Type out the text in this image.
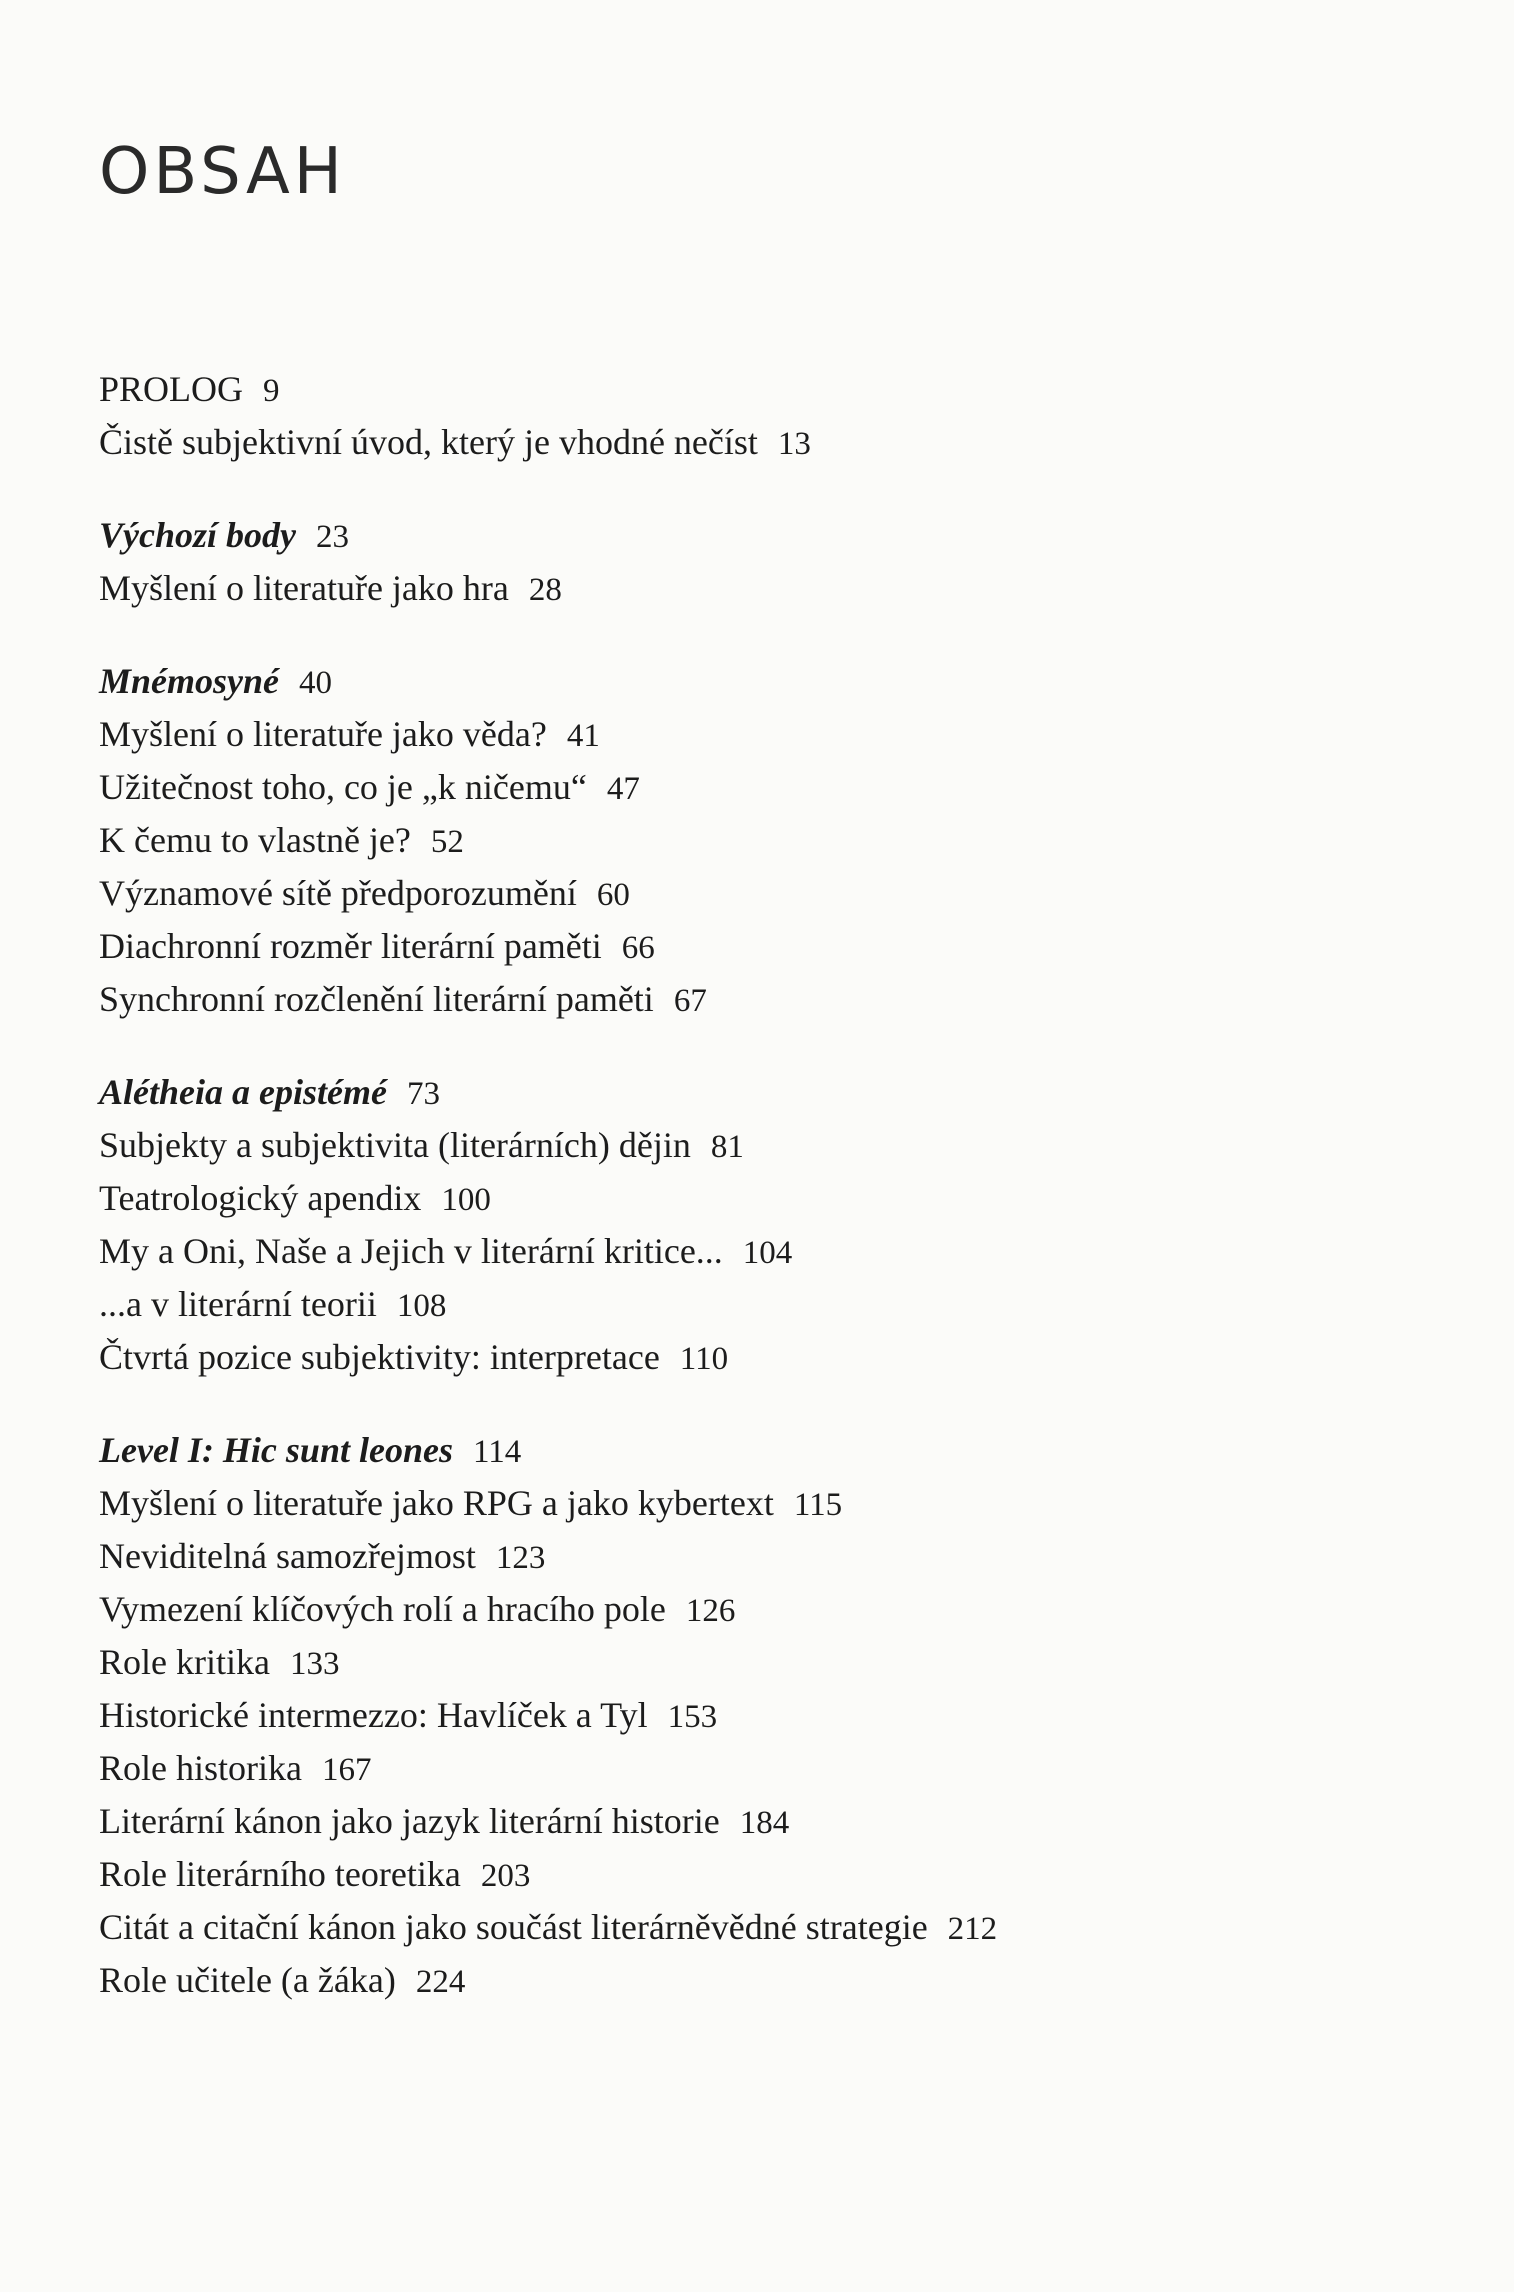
OBSAH
PROLOG 9
Čistě subjektivní úvod, který je vhodné nečíst 13
Výchozí body 23
Myšlení o literatuře jako hra 28
Mnémosyné 40
Myšlení o literatuře jako věda? 41
Užitečnost toho, co je „k ničemu“ 47
K čemu to vlastně je? 52
Významové sítě předporozumění 60
Diachronní rozměr literární paměti 66
Synchronní rozčlenění literární paměti 67
Alétheia a epistémé 73
Subjekty a subjektivita (literárních) dějin 81
Teatrologický apendix 100
My a Oni, Naše a Jejich v literární kritice... 104
...a v literární teorii 108
Čtvrtá pozice subjektivity: interpretace 110
Level I: Hic sunt leones 114
Myšlení o literatuře jako RPG a jako kybertext 115
Neviditelná samozřejmost 123
Vymezení klíčových rolí a hracího pole 126
Role kritika 133
Historické intermezzo: Havlíček a Tyl 153
Role historika 167
Literární kánon jako jazyk literární historie 184
Role literárního teoretika 203
Citát a citační kánon jako součást literárněvědné strategie 212
Role učitele (a žáka) 224
